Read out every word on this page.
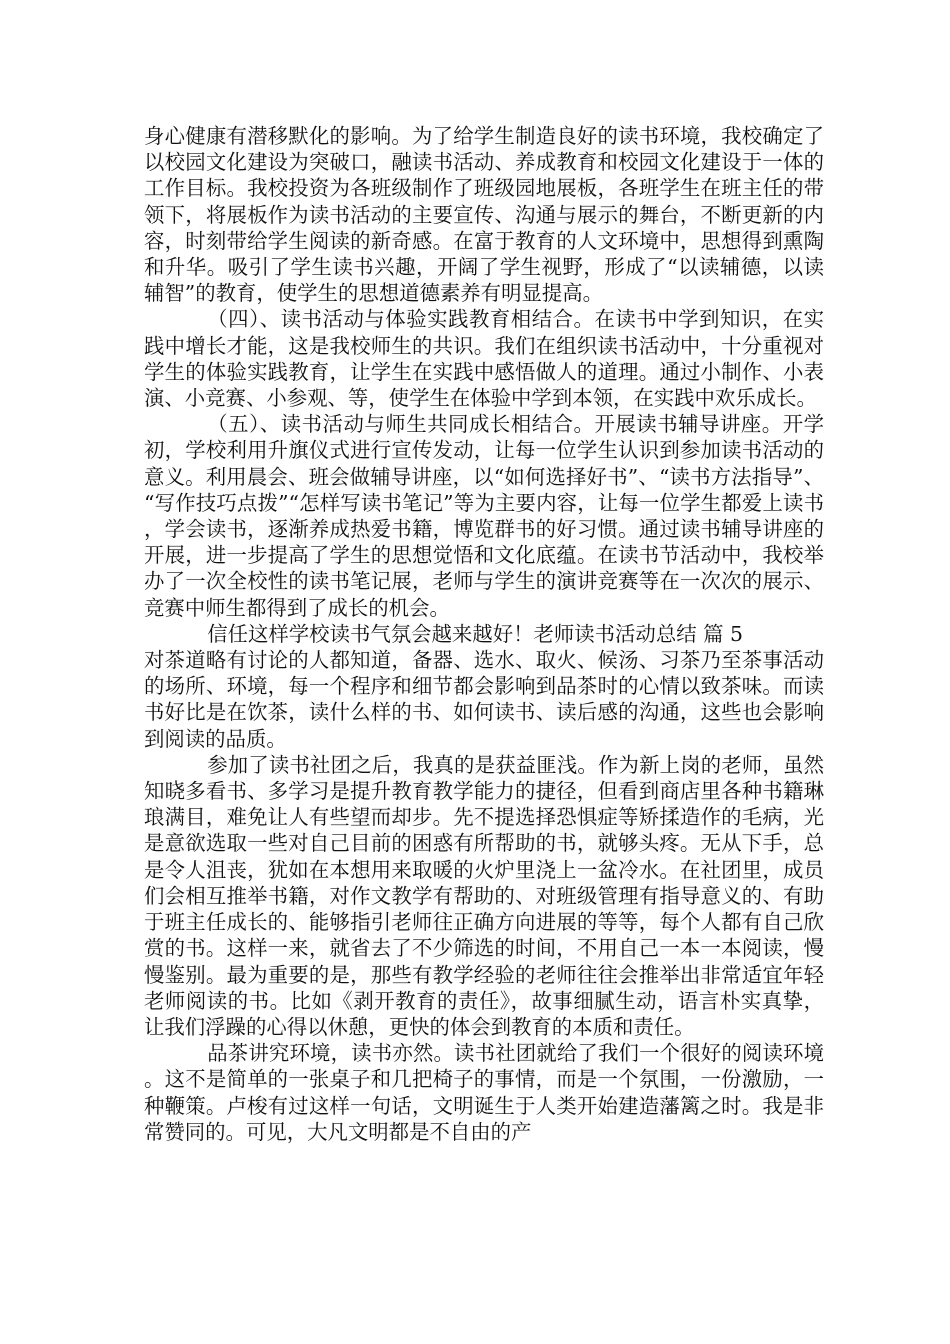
身心健康有潜移默化的影响。为了给学生制造良好的读书环境，我校确定了以校园文化建设为突破口，融读书活动、养成教育和校园文化建设于一体的工作目标。我校投资为各班级制作了班级园地展板，各班学生在班主任的带领下，将展板作为读书活动的主要宣传、沟通与展示的舞台，不断更新的内容，时刻带给学生阅读的新奇感。在富于教育的人文环境中，思想得到熏陶和升华。吸引了学生读书兴趣，开阔了学生视野，形成了“以读辅德，以读辅智”的教育，使学生的思想道德素养有明显提高。

（四）、读书活动与体验实践教育相结合。在读书中学到知识，在实践中增长才能，这是我校师生的共识。我们在组织读书活动中，十分重视对学生的体验实践教育，让学生在实践中感悟做人的道理。通过小制作、小表演、小竞赛、小参观、等，使学生在体验中学到本领，在实践中欢乐成长。

（五）、读书活动与师生共同成长相结合。开展读书辅导讲座。开学初，学校利用升旗仪式进行宣传发动，让每一位学生认识到参加读书活动的意义。利用晨会、班会做辅导讲座，以“如何选择好书”、“读书方法指导”、“写作技巧点拨”“怎样写读书笔记”等为主要内容，让每一位学生都爱上读书，学会读书，逐渐养成热爱书籍，博览群书的好习惯。通过读书辅导讲座的开展，进一步提高了学生的思想觉悟和文化底蕴。在读书节活动中，我校举办了一次全校性的读书笔记展，老师与学生的演讲竞赛等在一次次的展示、竞赛中师生都得到了成长的机会。

信任这样学校读书气氛会越来越好！老师读书活动总结 篇 5

对茶道略有讨论的人都知道，备器、选水、取火、候汤、习茶乃至茶事活动的场所、环境，每一个程序和细节都会影响到品茶时的心情以致茶味。而读书好比是在饮茶，读什么样的书、如何读书、读后感的沟通，这些也会影响到阅读的品质。

参加了读书社团之后，我真的是获益匪浅。作为新上岗的老师，虽然知晓多看书、多学习是提升教育教学能力的捷径，但看到商店里各种书籍琳琅满目，难免让人有些望而却步。先不提选择恐惧症等矫揉造作的毛病，光是意欲选取一些对自己目前的困惑有所帮助的书，就够头疼。无从下手，总是令人沮丧，犹如在本想用来取暖的火炉里浇上一盆冷水。在社团里，成员们会相互推举书籍，对作文教学有帮助的、对班级管理有指导意义的、有助于班主任成长的、能够指引老师往正确方向进展的等等，每个人都有自己欣赏的书。这样一来，就省去了不少筛选的时间，不用自己一本一本阅读，慢慢鉴别。最为重要的是，那些有教学经验的老师往往会推举出非常适宜年轻老师阅读的书。比如《剥开教育的责任》，故事细腻生动，语言朴实真挚，让我们浮躁的心得以休憩，更快的体会到教育的本质和责任。

品茶讲究环境，读书亦然。读书社团就给了我们一个很好的阅读环境。这不是简单的一张桌子和几把椅子的事情，而是一个氛围，一份激励，一种鞭策。卢梭有过这样一句话，文明诞生于人类开始建造藩篱之时。我是非常赞同的。可见，大凡文明都是不自由的产
